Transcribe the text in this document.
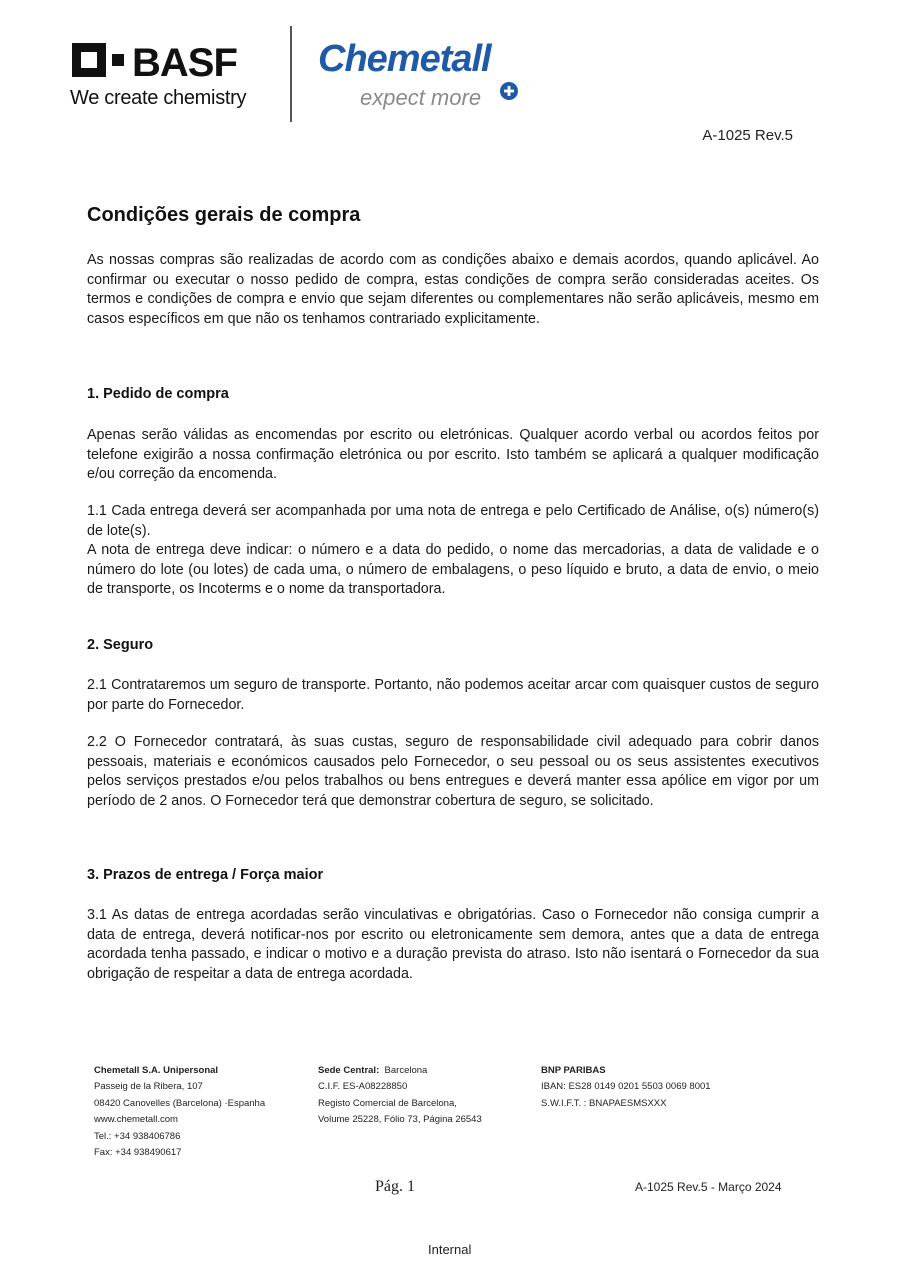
BASF
We create chemistry
Chemetall
expect more
A-1025 Rev.5
Condições gerais de compra

As nossas compras são realizadas de acordo com as condições abaixo e demais acordos, quando aplicável. Ao confirmar ou executar o nosso pedido de compra, estas condições de compra serão consideradas aceites. Os termos e condições de compra e envio que sejam diferentes ou complementares não serão aplicáveis, mesmo em casos específicos em que não os tenhamos contrariado explicitamente.

1. Pedido de compra

Apenas serão válidas as encomendas por escrito ou eletrónicas. Qualquer acordo verbal ou acordos feitos por telefone exigirão a nossa confirmação eletrónica ou por escrito. Isto também se aplicará a qualquer modificação e/ou correção da encomenda.

1.1 Cada entrega deverá ser acompanhada por uma nota de entrega e pelo Certificado de Análise, o(s) número(s) de lote(s).

A nota de entrega deve indicar: o número e a data do pedido, o nome das mercadorias, a data de validade e o número do lote (ou lotes) de cada uma, o número de embalagens, o peso líquido e bruto, a data de envio, o meio de transporte, os Incoterms e o nome da transportadora.

2. Seguro

2.1 Contrataremos um seguro de transporte. Portanto, não podemos aceitar arcar com quaisquer custos de seguro por parte do Fornecedor.

2.2 O Fornecedor contratará, às suas custas, seguro de responsabilidade civil adequado para cobrir danos pessoais, materiais e económicos causados pelo Fornecedor, o seu pessoal ou os seus assistentes executivos pelos serviços prestados e/ou pelos trabalhos ou bens entregues e deverá manter essa apólice em vigor por um período de 2 anos. O Fornecedor terá que demonstrar cobertura de seguro, se solicitado.

3. Prazos de entrega / Força maior

3.1 As datas de entrega acordadas serão vinculativas e obrigatórias. Caso o Fornecedor não consiga cumprir a data de entrega, deverá notificar-nos por escrito ou eletronicamente sem demora, antes que a data de entrega acordada tenha passado, e indicar o motivo e a duração prevista do atraso. Isto não isentará o Fornecedor da sua obrigação de respeitar a data de entrega acordada.

Chemetall S.A. Unipersonal
Passeig de la Ribera, 107
08420 Canovelles (Barcelona) ·Espanha
www.chemetall.com
Tel.: +34 938406786
Fax: +34 938490617
Sede Central: Barcelona
C.I.F. ES-A08228850
Registo Comercial de Barcelona,
Volume 25228, Fólio 73, Página 26543
BNP PARIBAS
IBAN: ES28 0149 0201 5503 0069 8001
S.W.I.F.T. : BNAPAESMSXXX
Pág. 1	A-1025 Rev.5 - Março 2024
Internal
